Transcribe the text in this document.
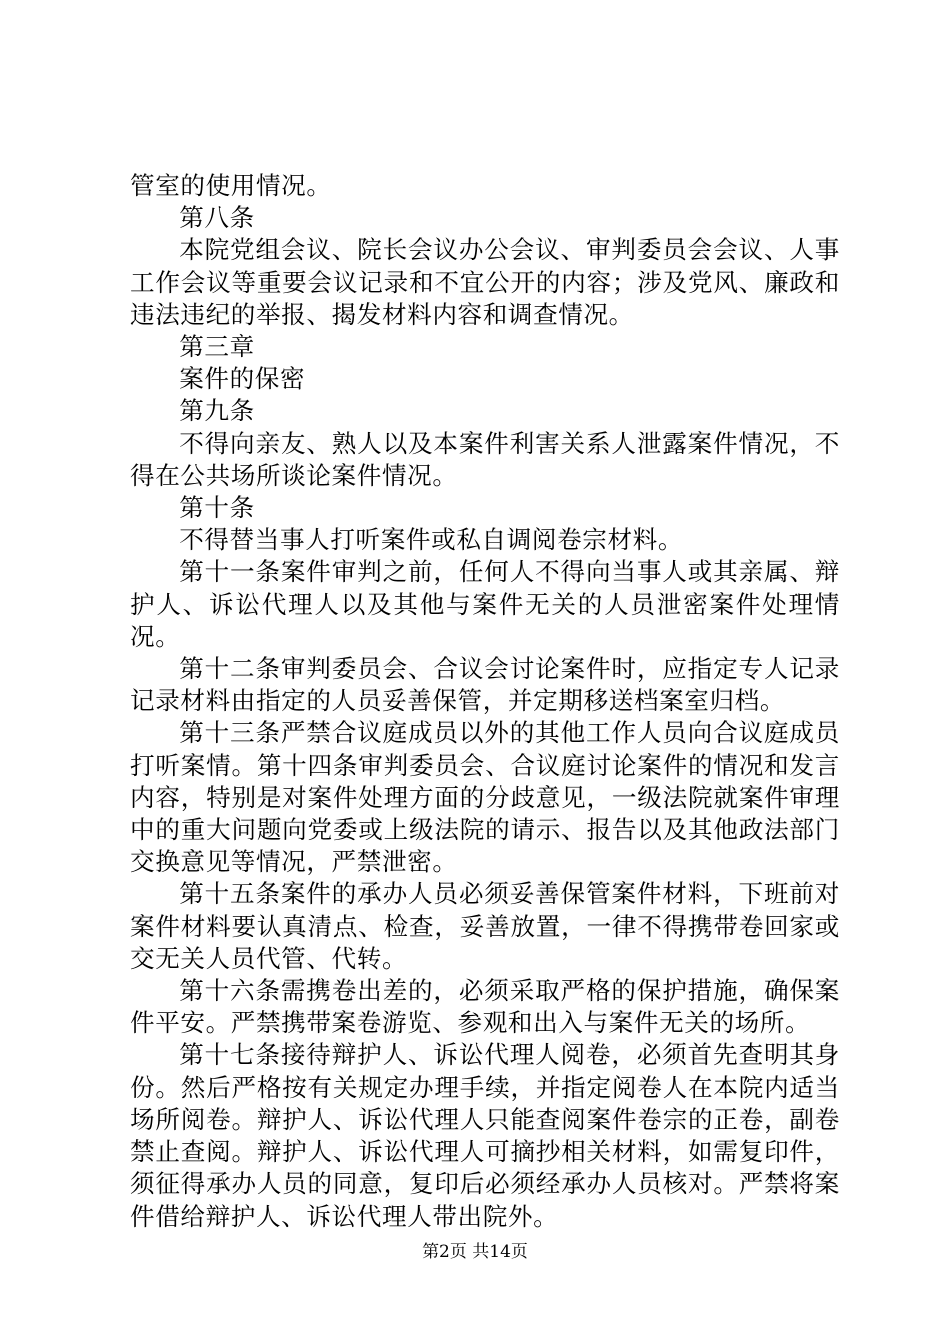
管室的使用情况。

第八条

本院党组会议、院长会议办公会议、审判委员会会议、人事工作会议等重要会议记录和不宜公开的内容；涉及党风、廉政和违法违纪的举报、揭发材料内容和调查情况。

第三章

案件的保密

第九条

不得向亲友、熟人以及本案件利害关系人泄露案件情况，不得在公共场所谈论案件情况。

第十条

不得替当事人打听案件或私自调阅卷宗材料。

第十一条案件审判之前，任何人不得向当事人或其亲属、辩护人、诉讼代理人以及其他与案件无关的人员泄密案件处理情况。

第十二条审判委员会、合议会讨论案件时，应指定专人记录记录材料由指定的人员妥善保管，并定期移送档案室归档。

第十三条严禁合议庭成员以外的其他工作人员向合议庭成员打听案情。第十四条审判委员会、合议庭讨论案件的情况和发言内容，特别是对案件处理方面的分歧意见，一级法院就案件审理中的重大问题向党委或上级法院的请示、报告以及其他政法部门交换意见等情况，严禁泄密。

第十五条案件的承办人员必须妥善保管案件材料，下班前对案件材料要认真清点、检查，妥善放置，一律不得携带卷回家或交无关人员代管、代转。

第十六条需携卷出差的，必须采取严格的保护措施，确保案件平安。严禁携带案卷游览、参观和出入与案件无关的场所。

第十七条接待辩护人、诉讼代理人阅卷，必须首先查明其身份。然后严格按有关规定办理手续，并指定阅卷人在本院内适当场所阅卷。辩护人、诉讼代理人只能查阅案件卷宗的正卷，副卷禁止查阅。辩护人、诉讼代理人可摘抄相关材料，如需复印件，须征得承办人员的同意，复印后必须经承办人员核对。严禁将案件借给辩护人、诉讼代理人带出院外。

第2页 共14页
